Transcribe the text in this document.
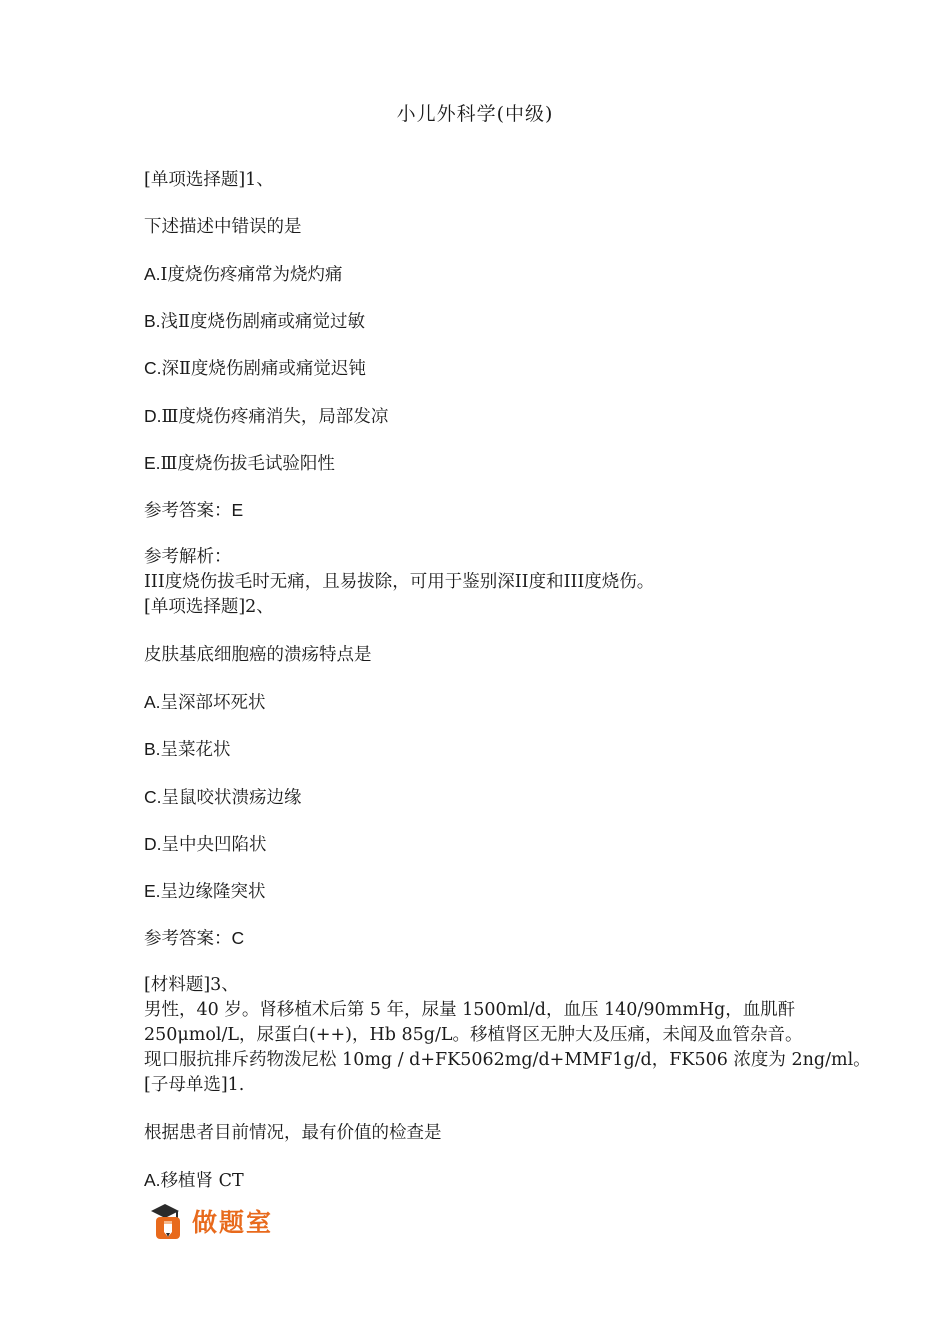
小儿外科学(中级)
[单项选择题]1、
下述描述中错误的是
A.Ⅰ度烧伤疼痛常为烧灼痛
B.浅Ⅱ度烧伤剧痛或痛觉过敏
C.深Ⅱ度烧伤剧痛或痛觉迟钝
D.Ⅲ度烧伤疼痛消失，局部发凉
E.Ⅲ度烧伤拔毛试验阳性
参考答案：E
参考解析：
III度烧伤拔毛时无痛，且易拔除，可用于鉴别深II度和III度烧伤。
[单项选择题]2、
皮肤基底细胞癌的溃疡特点是
A.呈深部坏死状
B.呈菜花状
C.呈鼠咬状溃疡边缘
D.呈中央凹陷状
E.呈边缘隆突状
参考答案：C
[材料题]3、
男性，40 岁。肾移植术后第 5 年，尿量 1500ml/d，血压 140/90mmHg，血肌酐
250μmol/L，尿蛋白(++)，Hb 85g/L。移植肾区无肿大及压痛，未闻及血管杂音。
现口服抗排斥药物泼尼松 10mg / d+FK5062mg/d+MMF1g/d，FK506 浓度为 2ng/ml。
[子母单选]1.
根据患者目前情况，最有价值的检查是
A.移植肾 CT
做题室
